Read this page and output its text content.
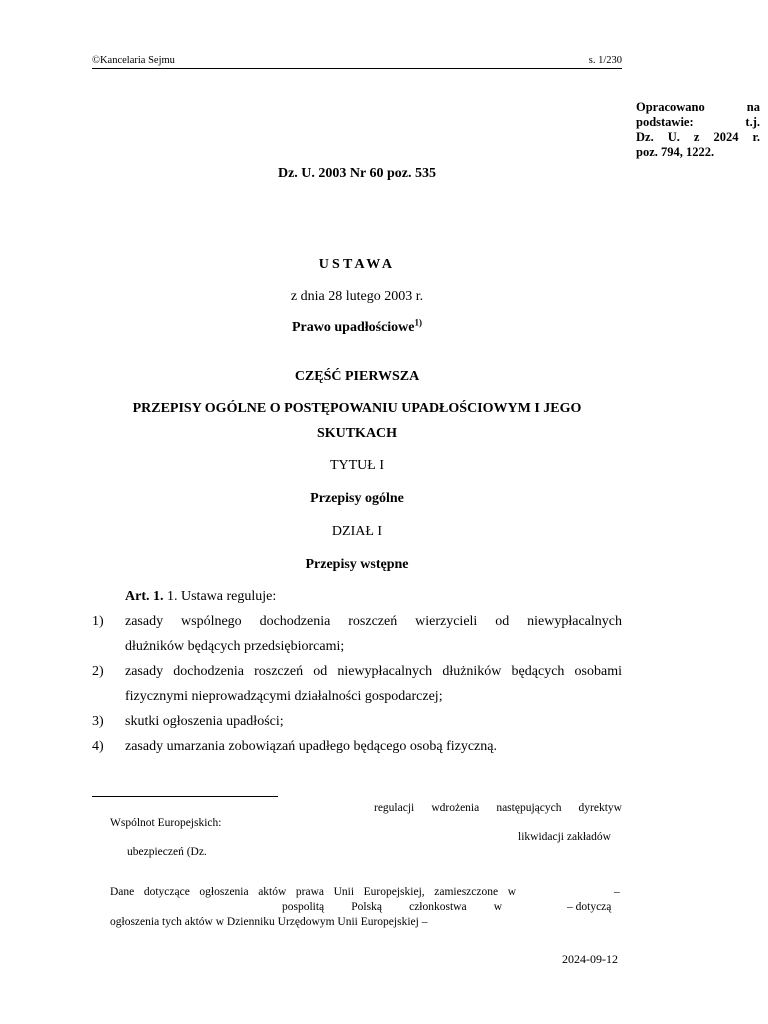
©Kancelaria Sejmu	s. 1/230
Opracowano na
podstawie: t.j.
Dz. U. z 2024 r.
poz. 794, 1222.
Dz. U. 2003 Nr 60 poz. 535
USTAWA
z dnia 28 lutego 2003 r.
Prawo upadłościowe$^{1)}$
CZĘŚĆ PIERWSZA
PRZEPISY OGÓLNE O POSTĘPOWANIU UPADŁOŚCIOWYM I JEGO
SKUTKACH
TYTUŁ I
Przepisy ogólne
DZIAŁ I
Przepisy wstępne
Art. 1. 1. Ustawa reguluje:
1) zasady wspólnego dochodzenia roszczeń wierzycieli od niewypłacalnych
dłużników będących przedsiębiorcami;
2) zasady dochodzenia roszczeń od niewypłacalnych dłużników będących osobami
fizycznymi nieprowadzącymi działalności gospodarczej;
3) skutki ogłoszenia upadłości;
4) zasady umarzania zobowiązań upadłego będącego osobą fizyczną.
regulacji wdrożenia następujących dyrektyw
Wspólnot Europejskich:
likwidacji zakładów
ubezpieczeń (Dz.
Dane dotyczące ogłoszenia aktów prawa Unii Europejskiej, zamieszczone w	–
pospolitą Polską członkostwa w	– dotyczą
ogłoszenia tych aktów w Dzienniku Urzędowym Unii Europejskiej –
2024-09-12
